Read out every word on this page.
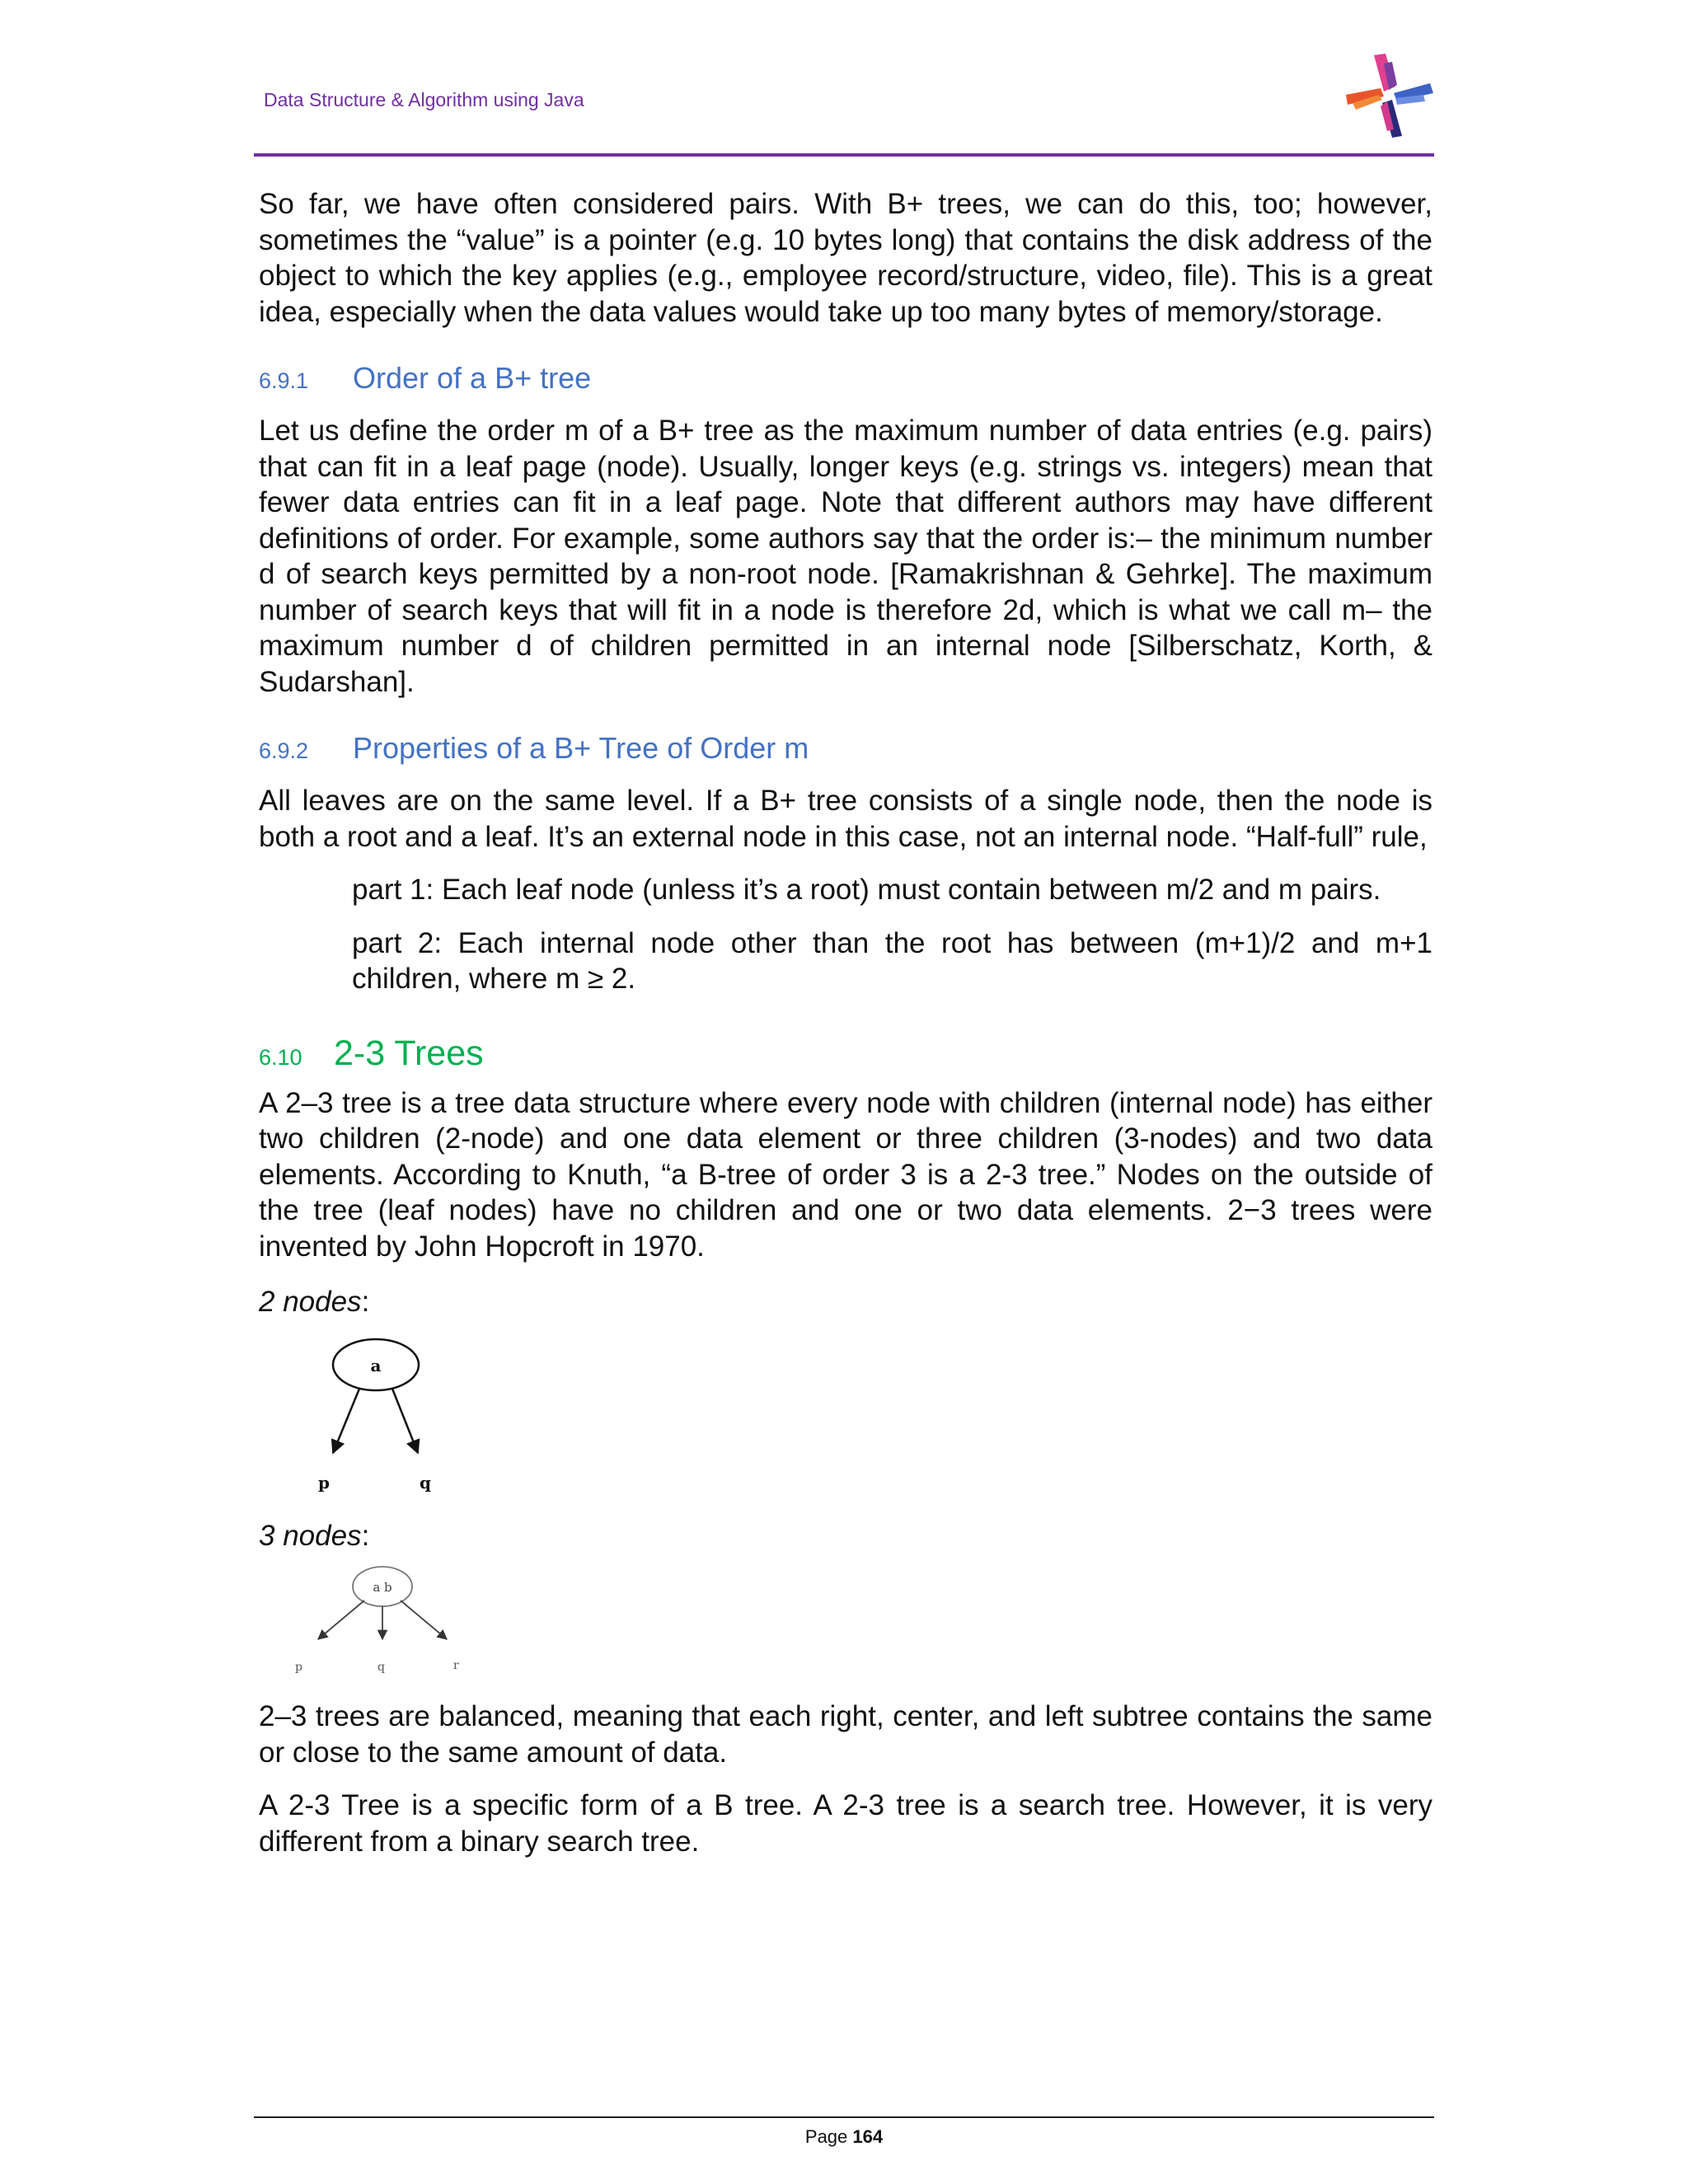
Data Structure & Algorithm using Java

So far, we have often considered pairs. With B+ trees, we can do this, too; however, sometimes the “value” is a pointer (e.g. 10 bytes long) that contains the disk address of the object to which the key applies (e.g., employee record/structure, video, file). This is a great idea, especially when the data values would take up too many bytes of memory/storage.

6.9.1	Order of a B+ tree

Let us define the order m of a B+ tree as the maximum number of data entries (e.g. pairs) that can fit in a leaf page (node). Usually, longer keys (e.g. strings vs. integers) mean that fewer data entries can fit in a leaf page. Note that different authors may have different definitions of order. For example, some authors say that the order is:– the minimum number d of search keys permitted by a non-root node. [Ramakrishnan & Gehrke]. The maximum number of search keys that will fit in a node is therefore 2d, which is what we call m– the maximum number d of children permitted in an internal node [Silberschatz, Korth, & Sudarshan].

6.9.2	Properties of a B+ Tree of Order m

All leaves are on the same level. If a B+ tree consists of a single node, then the node is both a root and a leaf. It’s an external node in this case, not an internal node. “Half-full” rule,

part 1: Each leaf node (unless it’s a root) must contain between m/2 and m pairs.

part 2: Each internal node other than the root has between (m+1)/2 and m+1 children, where m ≥ 2.

6.10 2-3 Trees

A 2–3 tree is a tree data structure where every node with children (internal node) has either two children (2-node) and one data element or three children (3-nodes) and two data elements. According to Knuth, “a B-tree of order 3 is a 2-3 tree.” Nodes on the outside of the tree (leaf nodes) have no children and one or two data elements. 2−3 trees were invented by John Hopcroft in 1970.

2 nodes:
a
p	q
3 nodes:
a b
p	q	r

2–3 trees are balanced, meaning that each right, center, and left subtree contains the same or close to the same amount of data.

A 2-3 Tree is a specific form of a B tree. A 2-3 tree is a search tree. However, it is very different from a binary search tree.

Page 164
